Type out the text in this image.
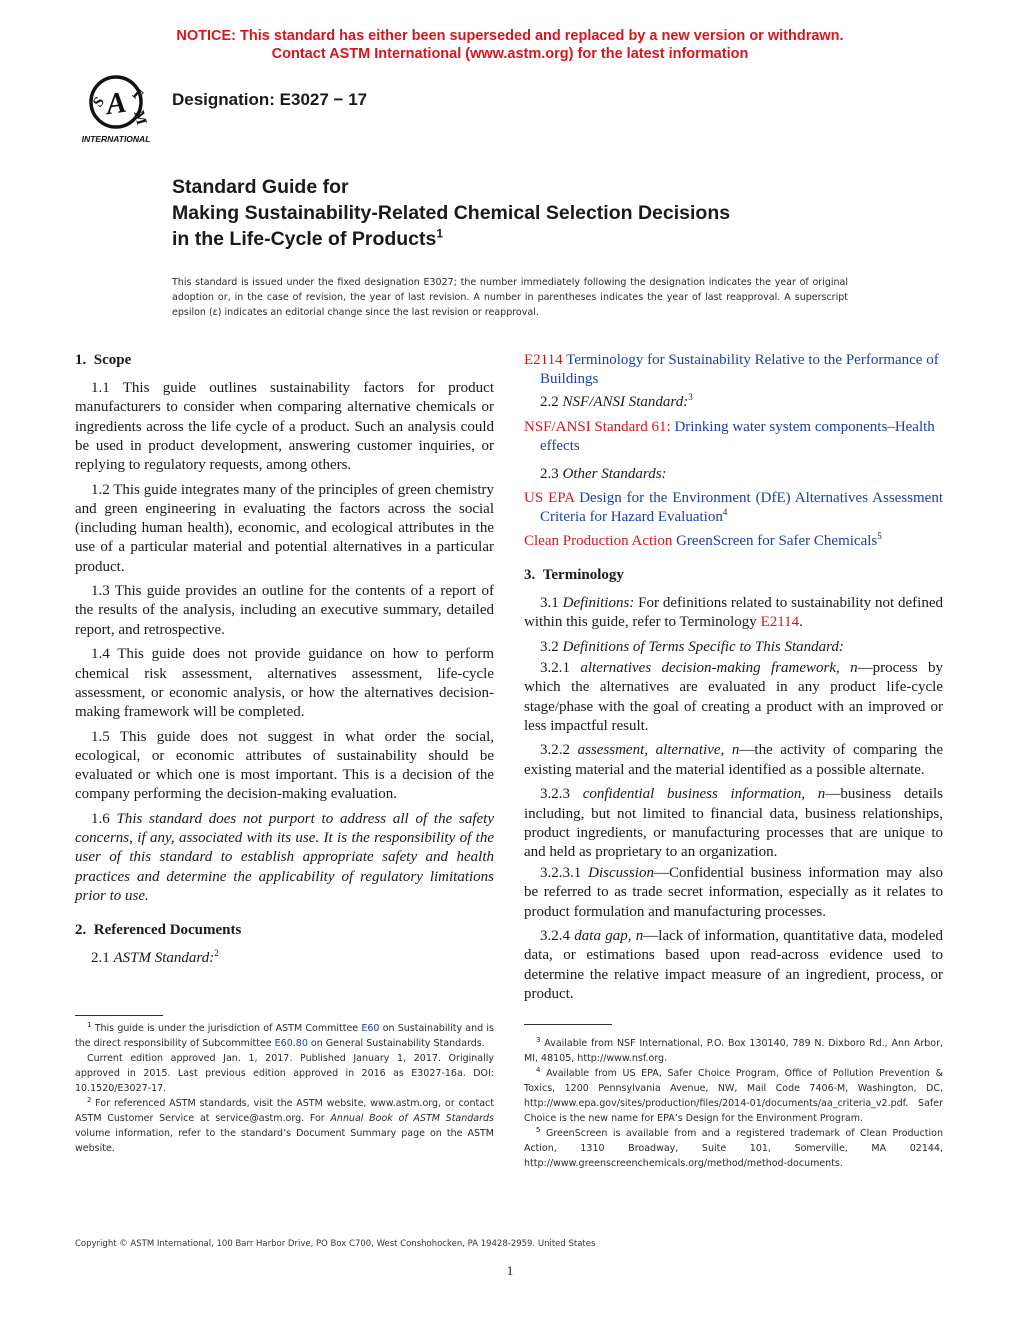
NOTICE: This standard has either been superseded and replaced by a new version or withdrawn.
Contact ASTM International (www.astm.org) for the latest information
A
S T
M
INTERNATIONAL
Designation: E3027 − 17
Standard Guide for
Making Sustainability-Related Chemical Selection Decisions
in the Life-Cycle of Products$^1$
This standard is issued under the fixed designation E3027; the number immediately following the designation indicates the year of original adoption or, in the case of revision, the year of last revision. A number in parentheses indicates the year of last reapproval. A superscript epsilon (ε) indicates an editorial change since the last revision or reapproval.
1. Scope

1.1 This guide outlines sustainability factors for product manufacturers to consider when comparing alternative chemicals or ingredients across the life cycle of a product. Such an analysis could be used in product development, answering customer inquiries, or replying to regulatory requests, among others.

1.2 This guide integrates many of the principles of green chemistry and green engineering in evaluating the factors across the social (including human health), economic, and ecological attributes in the use of a particular material and potential alternatives in a particular product.

1.3 This guide provides an outline for the contents of a report of the results of the analysis, including an executive summary, detailed report, and retrospective.

1.4 This guide does not provide guidance on how to perform chemical risk assessment, alternatives assessment, life-cycle assessment, or economic analysis, or how the alternatives decision-making framework will be completed.

1.5 This guide does not suggest in what order the social, ecological, or economic attributes of sustainability should be evaluated or which one is most important. This is a decision of the company performing the decision-making evaluation.

1.6 This standard does not purport to address all of the safety concerns, if any, associated with its use. It is the responsibility of the user of this standard to establish appropriate safety and health practices and determine the applicability of regulatory limitations prior to use.

2. Referenced Documents

2.1 ASTM Standard:$^2$

E2114 Terminology for Sustainability Relative to the Performance of Buildings

2.2 NSF/ANSI Standard:$^3$

NSF/ANSI Standard 61: Drinking water system components–Health effects

2.3 Other Standards:

US EPA Design for the Environment (DfE) Alternatives Assessment Criteria for Hazard Evaluation$^4$

Clean Production Action GreenScreen for Safer Chemicals$^5$

3. Terminology

3.1 Definitions: For definitions related to sustainability not defined within this guide, refer to Terminology E2114.

3.2 Definitions of Terms Specific to This Standard:

3.2.1 alternatives decision-making framework, n—process by which the alternatives are evaluated in any product life-cycle stage/phase with the goal of creating a product with an improved or less impactful result.

3.2.2 assessment, alternative, n—the activity of comparing the existing material and the material identified as a possible alternate.

3.2.3 confidential business information, n—business details including, but not limited to financial data, business relationships, product ingredients, or manufacturing processes that are unique to and held as proprietary to an organization.

3.2.3.1 Discussion—Confidential business information may also be referred to as trade secret information, especially as it relates to product formulation and manufacturing processes.

3.2.4 data gap, n—lack of information, quantitative data, modeled data, or estimations based upon read-across evidence used to determine the relative impact measure of an ingredient, process, or product.

$^1$ This guide is under the jurisdiction of ASTM Committee E60 on Sustainability and is the direct responsibility of Subcommittee E60.80 on General Sustainability Standards.

Current edition approved Jan. 1, 2017. Published January 1, 2017. Originally approved in 2015. Last previous edition approved in 2016 as E3027-16a. DOI: 10.1520/E3027-17.

$^2$ For referenced ASTM standards, visit the ASTM website, www.astm.org, or contact ASTM Customer Service at service@astm.org. For Annual Book of ASTM Standards volume information, refer to the standard’s Document Summary page on the ASTM website.

$^3$ Available from NSF International, P.O. Box 130140, 789 N. Dixboro Rd., Ann Arbor, MI, 48105, http://www.nsf.org.

$^4$ Available from US EPA, Safer Choice Program, Office of Pollution Prevention & Toxics, 1200 Pennsylvania Avenue, NW, Mail Code 7406-M, Washington, DC, http://www.epa.gov/sites/production/files/2014-01/documents/aa_criteria_v2.pdf. Safer Choice is the new name for EPA’s Design for the Environment Program.

$^5$ GreenScreen is available from and a registered trademark of Clean Production Action, 1310 Broadway, Suite 101, Somerville, MA 02144, http://www.greenscreenchemicals.org/method/method-documents.

Copyright © ASTM International, 100 Barr Harbor Drive, PO Box C700, West Conshohocken, PA 19428-2959. United States
1
